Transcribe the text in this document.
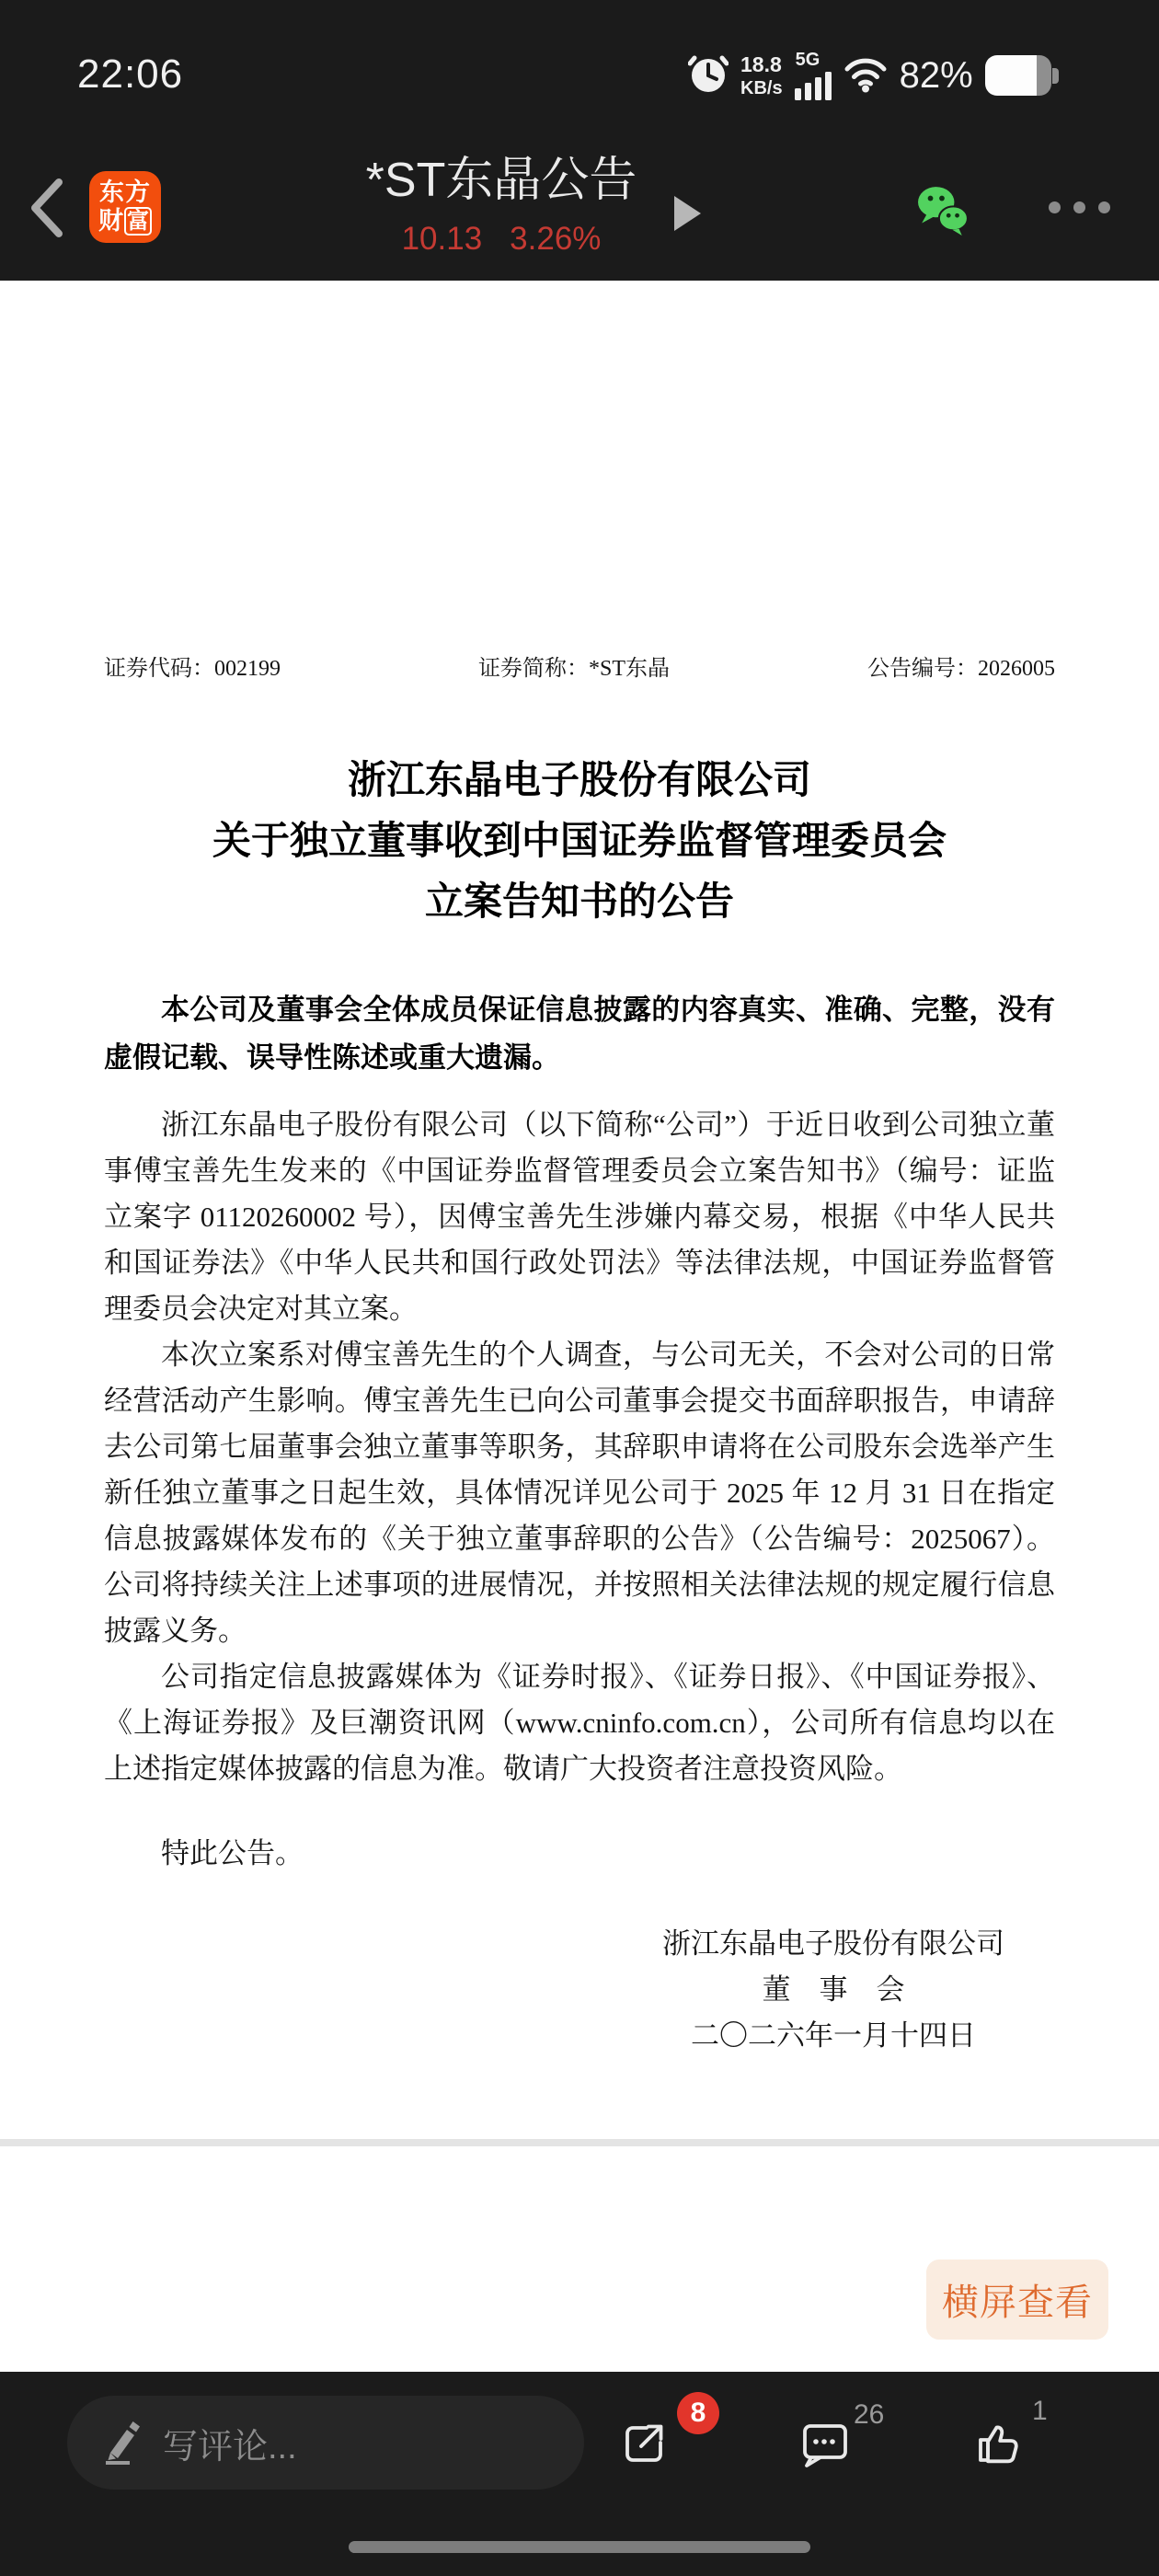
22:06	18.8
KB/s
5G 82%
东方
财 富
*ST东晶公告
10.13 3.26%
证券代码：002199	证券简称：*ST东晶	公告编号：2026005
浙江东晶电子股份有限公司
关于独立董事收到中国证券监督管理委员会
立案告知书的公告
本公司及董事会全体成员保证信息披露的内容真实、准确、完整，没有虚假记载、误导性陈述或重大遗漏。

浙江东晶电子股份有限公司（以下简称“公司”）于近日收到公司独立董事傅宝善先生发来的《中国证券监督管理委员会立案告知书》（编号：证监立案字 01120260002 号），因傅宝善先生涉嫌内幕交易，根据《中华人民共和国证券法》《中华人民共和国行政处罚法》等法律法规，中国证券监督管理委员会决定对其立案。

本次立案系对傅宝善先生的个人调查，与公司无关，不会对公司的日常经营活动产生影响。傅宝善先生已向公司董事会提交书面辞职报告，申请辞去公司第七届董事会独立董事等职务，其辞职申请将在公司股东会选举产生新任独立董事之日起生效，具体情况详见公司于 2025 年 12 月 31 日在指定信息披露媒体发布的《关于独立董事辞职的公告》（公告编号：2025067）。公司将持续关注上述事项的进展情况，并按照相关法律法规的规定履行信息披露义务。

公司指定信息披露媒体为《证券时报》、《证券日报》、《中国证券报》、《上海证券报》及巨潮资讯网（www.cninfo.com.cn），公司所有信息均以在上述指定媒体披露的信息为准。敬请广大投资者注意投资风险。

特此公告。
浙江东晶电子股份有限公司
董　事　会
二〇二六年一月十四日
横屏查看
写评论...
8	26	1
